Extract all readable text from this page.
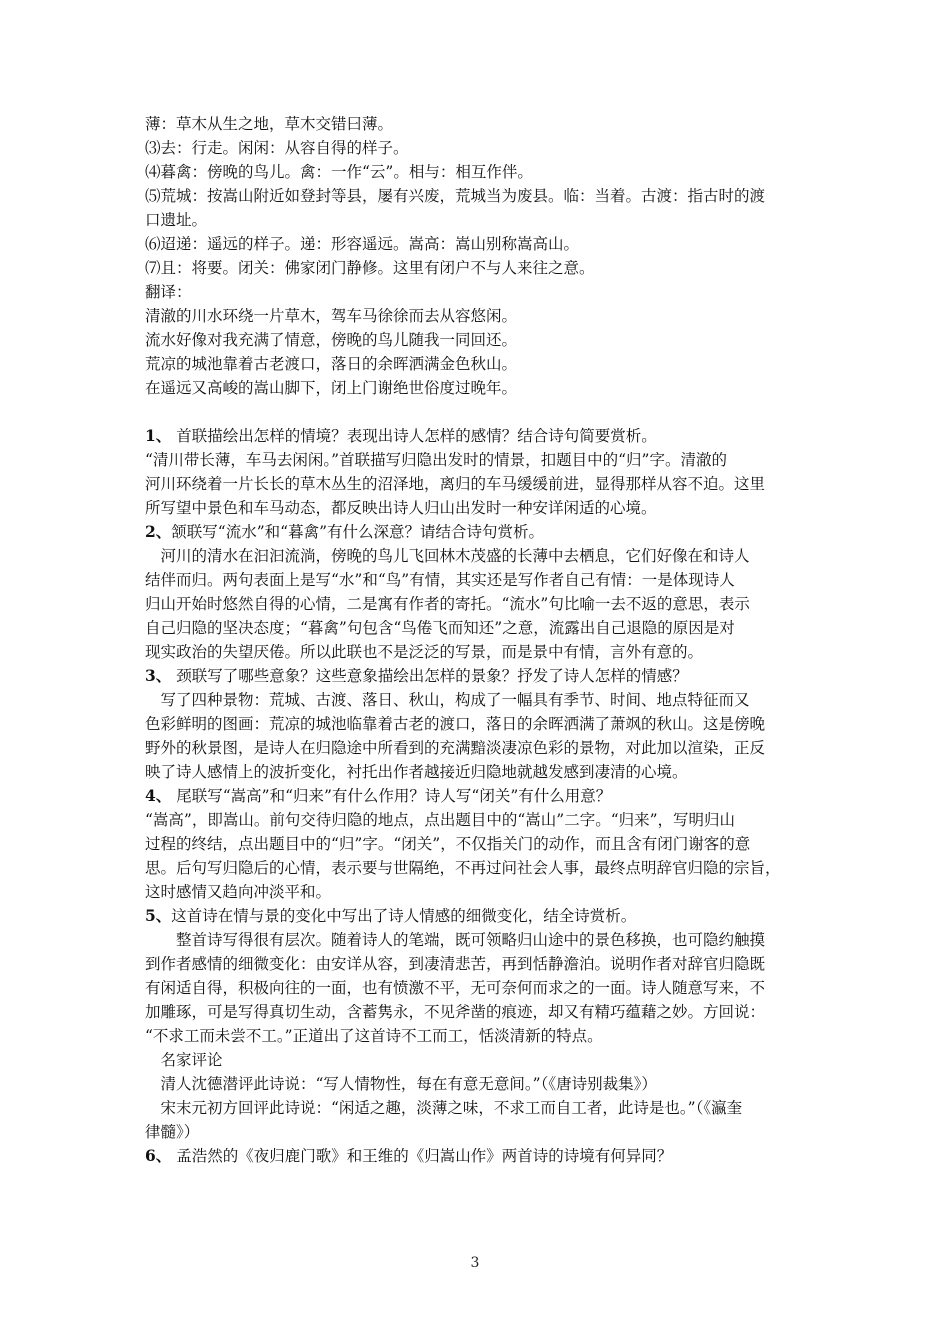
薄：草木从生之地，草木交错曰薄。
⑶去：行走。闲闲：从容自得的样子。
⑷暮禽：傍晚的鸟儿。禽：一作“云”。相与：相互作伴。
⑸荒城：按嵩山附近如登封等县，屡有兴废，荒城当为废县。临：当着。古渡：指古时的渡
口遗址。
⑹迢递：遥远的样子。递：形容遥远。嵩高：嵩山别称嵩高山。
⑺且：将要。闭关：佛家闭门静修。这里有闭户不与人来往之意。
翻译：
清澈的川水环绕一片草木，驾车马徐徐而去从容悠闲。
流水好像对我充满了情意，傍晚的鸟儿随我一同回还。
荒凉的城池靠着古老渡口，落日的余晖洒满金色秋山。
在遥远又高峻的嵩山脚下，闭上门谢绝世俗度过晚年。
1、 首联描绘出怎样的情境？表现出诗人怎样的感情？结合诗句简要赏析。
“清川带长薄，车马去闲闲。”首联描写归隐出发时的情景，扣题目中的“归”字。清澈的
河川环绕着一片长长的草木丛生的沼泽地，离归的车马缓缓前进，显得那样从容不迫。这里
所写望中景色和车马动态，都反映出诗人归山出发时一种安详闲适的心境。
2、颔联写“流水”和“暮禽”有什么深意？请结合诗句赏析。
河川的清水在汩汩流淌，傍晚的鸟儿飞回林木茂盛的长薄中去栖息，它们好像在和诗人
结伴而归。两句表面上是写“水”和“鸟”有情，其实还是写作者自己有情：一是体现诗人
归山开始时悠然自得的心情，二是寓有作者的寄托。“流水”句比喻一去不返的意思，表示
自己归隐的坚决态度；“暮禽”句包含“鸟倦飞而知还”之意，流露出自己退隐的原因是对
现实政治的失望厌倦。所以此联也不是泛泛的写景，而是景中有情，言外有意的。
3、 颈联写了哪些意象？这些意象描绘出怎样的景象？抒发了诗人怎样的情感？
写了四种景物：荒城、古渡、落日、秋山，构成了一幅具有季节、时间、地点特征而又
色彩鲜明的图画：荒凉的城池临靠着古老的渡口，落日的余晖洒满了萧飒的秋山。这是傍晚
野外的秋景图，是诗人在归隐途中所看到的充满黯淡凄凉色彩的景物，对此加以渲染，正反
映了诗人感情上的波折变化，衬托出作者越接近归隐地就越发感到凄清的心境。
4、 尾联写“嵩高”和“归来”有什么作用？诗人写“闭关”有什么用意？
“嵩高”，即嵩山。前句交待归隐的地点，点出题目中的“嵩山”二字。“归来”，写明归山
过程的终结，点出题目中的“归”字。“闭关”，不仅指关门的动作，而且含有闭门谢客的意
思。后句写归隐后的心情，表示要与世隔绝，不再过问社会人事，最终点明辞官归隐的宗旨，
这时感情又趋向冲淡平和。
5、这首诗在情与景的变化中写出了诗人情感的细微变化，结全诗赏析。
整首诗写得很有层次。随着诗人的笔端，既可领略归山途中的景色移换，也可隐约触摸
到作者感情的细微变化：由安详从容，到凄清悲苦，再到恬静澹泊。说明作者对辞官归隐既
有闲适自得，积极向往的一面，也有愤激不平，无可奈何而求之的一面。诗人随意写来，不
加雕琢，可是写得真切生动，含蓄隽永，不见斧凿的痕迹，却又有精巧蕴藉之妙。方回说：
“不求工而未尝不工。”正道出了这首诗不工而工，恬淡清新的特点。
名家评论
清人沈德潜评此诗说：“写人情物性，每在有意无意间。”（《唐诗别裁集》）
宋末元初方回评此诗说：“闲适之趣，淡薄之味，不求工而自工者，此诗是也。”（《瀛奎
律髓》）
6、 孟浩然的《夜归鹿门歌》和王维的《归嵩山作》两首诗的诗境有何异同？
3
